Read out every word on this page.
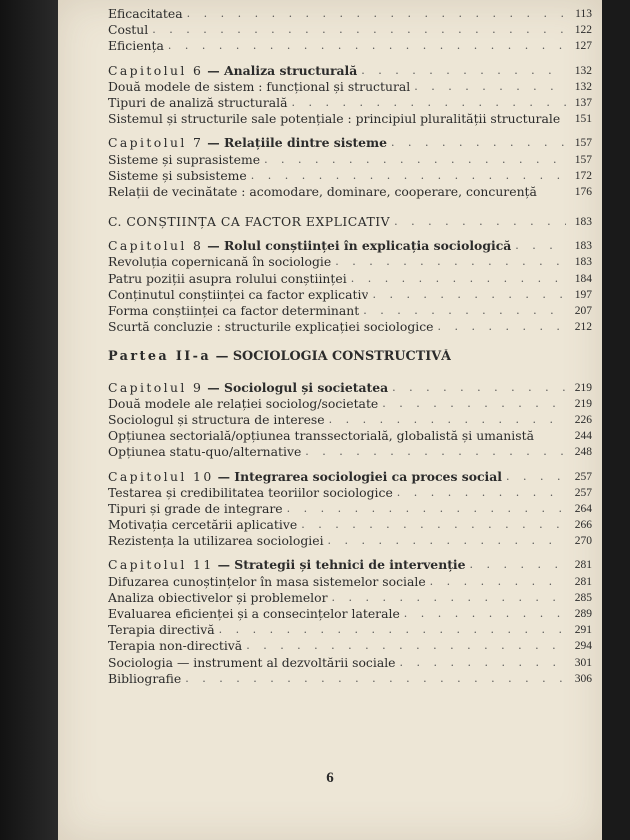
Eficacitatea . . .	113
Costul . . .	122
Eficiența . . .	127
Capitolul 6 — Analiza structurală . . .	132
Două modele de sistem : funcțional și structural . . .	132
Tipuri de analiză structurală . . .	137
Sistemul și structurile sale potențiale : principiul pluralității structurale	151
Capitolul 7 — Relațiile dintre sisteme . . .	157
Sisteme și suprasisteme . . .	157
Sisteme și subsisteme . . .	172
Relații de vecinătate : acomodare, dominare, cooperare, concurență	176
C. CONȘTIINȚA CA FACTOR EXPLICATIV . . .	183
Capitolul 8 — Rolul conștiinței în explicația sociologică . . .	183
Revoluția copernicană în sociologie . . .	183
Patru poziții asupra rolului conștiinței . . .	184
Conținutul conștiinței ca factor explicativ . . .	197
Forma conștiinței ca factor determinant . . .	207
Scurtă concluzie : structurile explicației sociologice . . .	212
Partea II-a — SOCIOLOGIA CONSTRUCTIVĂ
Capitolul 9 — Sociologul și societatea . . .	219
Două modele ale relației sociolog/societate . . .	219
Sociologul și structura de interese . . .	226
Opțiunea sectorială/opțiunea transsectorială, globalistă și umanistă	244
Opțiunea statu-quo/alternative . . .	248
Capitolul 10 — Integrarea sociologiei ca proces social . . .	257
Testarea și credibilitatea teoriilor sociologice . . .	257
Tipuri și grade de integrare . . .	264
Motivația cercetării aplicative . . .	266
Rezistența la utilizarea sociologiei . . .	270
Capitolul 11 — Strategii și tehnici de intervenție . . .	281
Difuzarea cunoștințelor în masa sistemelor sociale . . .	281
Analiza obiectivelor și problemelor . . .	285
Evaluarea eficienței și a consecințelor laterale . . .	289
Terapia directivă . . .	291
Terapia non-directivă . . .	294
Sociologia — instrument al dezvoltării sociale . . .	301
Bibliografie . . .	306
6
